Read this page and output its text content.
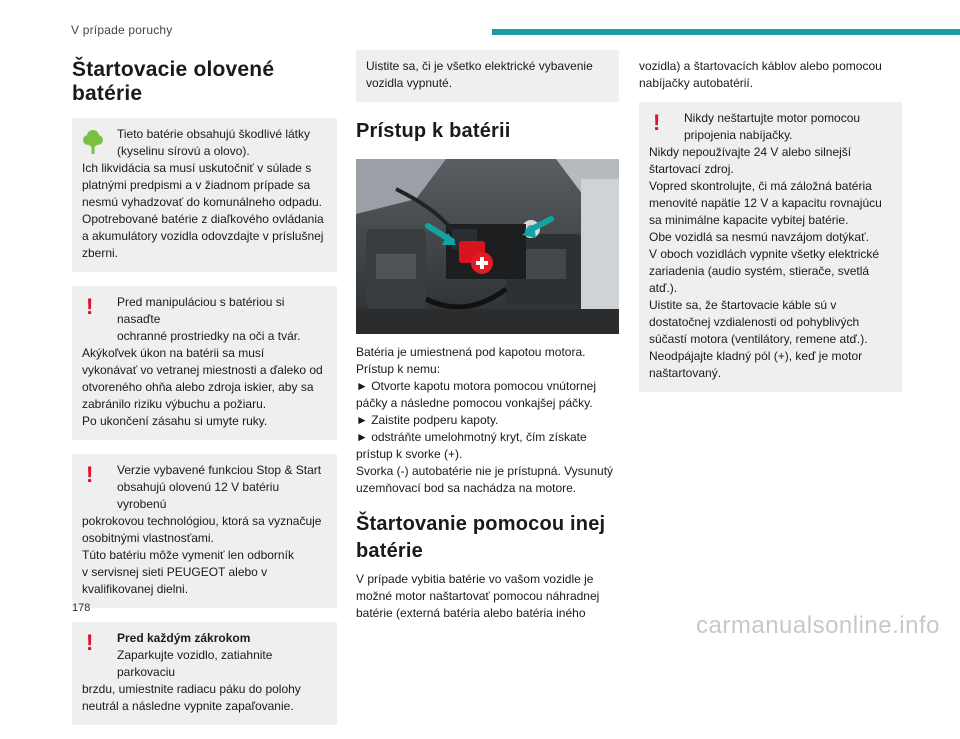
V prípade poruchy
Štartovacie olovené batérie
Tieto batérie obsahujú škodlivé látky
(kyselinu sírovú a olovo).
Ich likvidácia sa musí uskutočniť v súlade s
platnými predpismi a v žiadnom prípade sa
nesmú vyhadzovať do komunálneho odpadu.
Opotrebované batérie z diaľkového ovládania
a akumulátory vozidla odovzdajte v príslušnej
zberni.
!	Pred manipuláciou s batériou si nasaďte
ochranné prostriedky na oči a tvár.
Akýkoľvek úkon na batérii sa musí
vykonávať vo vetranej miestnosti a ďaleko od
otvoreného ohňa alebo zdroja iskier, aby sa
zabránilo riziku výbuchu a požiaru.
Po ukončení zásahu si umyte ruky.
!	Verzie vybavené funkciou Stop & Start
obsahujú olovenú 12 V batériu vyrobenú
pokrokovou technológiou, ktorá sa vyznačuje
osobitnými vlastnosťami.
Túto batériu môže vymeniť len odborník
v servisnej sieti PEUGEOT alebo v
kvalifikovanej dielni.
!	Pred každým zákrokom
Zaparkujte vozidlo, zatiahnite parkovaciu
brzdu, umiestnite radiacu páku do polohy
neutrál a následne vypnite zapaľovanie.
Uistite sa, či je všetko elektrické vybavenie
vozidla vypnuté.
Prístup k batérii
Batéria je umiestnená pod kapotou motora.
Prístup k nemu:
► Otvorte kapotu motora pomocou vnútornej
páčky a následne pomocou vonkajšej páčky.
► Zaistite podperu kapoty.
► odstráňte umelohmotný kryt, čím získate
prístup k svorke (+).
Svorka (-) autobatérie nie je prístupná. Vysunutý
uzemňovací bod sa nachádza na motore.
Štartovanie pomocou inej
batérie
V prípade vybitia batérie vo vašom vozidle je
možné motor naštartovať pomocou náhradnej
batérie (externá batéria alebo batéria iného
vozidla) a štartovacích káblov alebo pomocou
nabíjačky autobatérií.
!	Nikdy neštartujte motor pomocou
pripojenia nabíjačky.
Nikdy nepoužívajte 24 V alebo silnejší
štartovací zdroj.
Vopred skontrolujte, či má záložná batéria
menovité napätie 12 V a kapacitu rovnajúcu
sa minimálne kapacite vybitej batérie.
Obe vozidlá sa nesmú navzájom dotýkať.
V oboch vozidlách vypnite všetky elektrické
zariadenia (audio systém, stierače, svetlá
atď.).
Uistite sa, že štartovacie káble sú v
dostatočnej vzdialenosti od pohyblivých
súčastí motora (ventilátory, remene atď.).
Neodpájajte kladný pól (+), keď je motor
naštartovaný.
178
carmanualsonline.info
